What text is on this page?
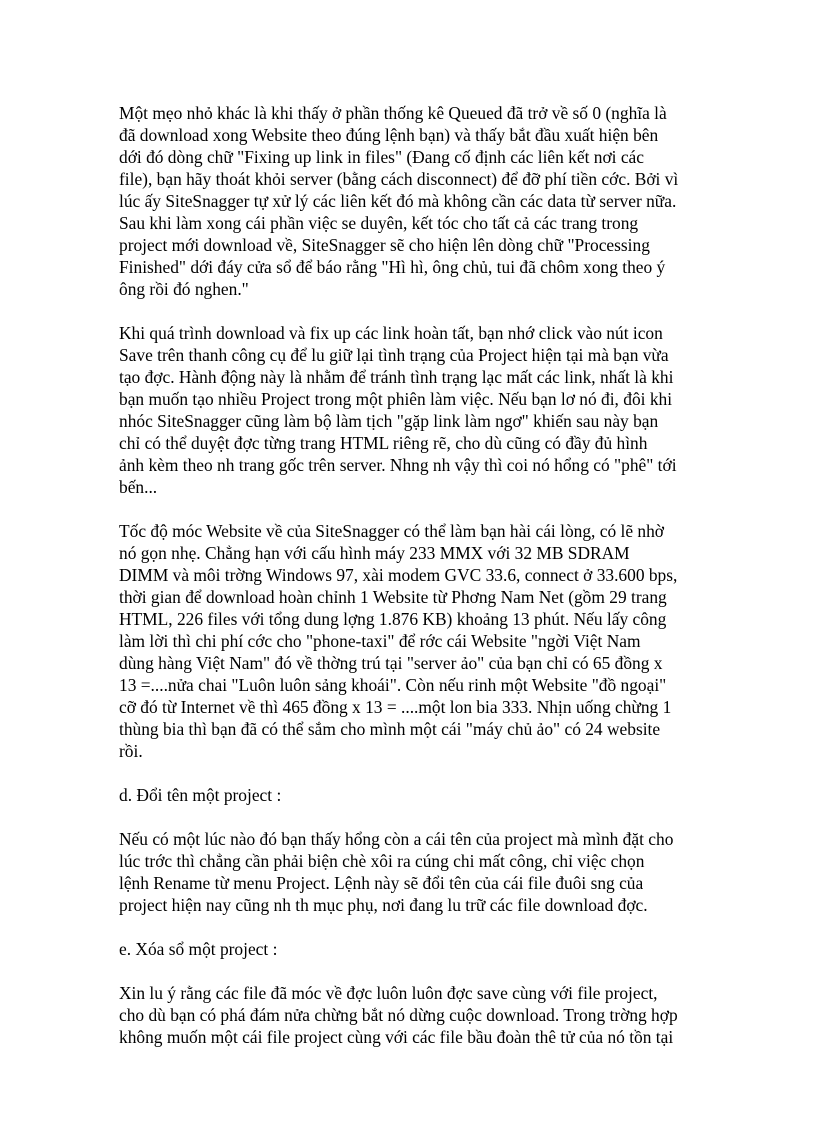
Một mẹo nhỏ khác là khi thấy ở phần thống kê Queued đã trở về số 0 (nghĩa là
đã download xong Website theo đúng lệnh bạn) và thấy bắt đầu xuất hiện bên
dới đó dòng chữ "Fixing up link in files" (Đang cố định các liên kết nơi các
file), bạn hãy thoát khỏi server (bằng cách disconnect) để đỡ phí tiền cớc. Bởi vì
lúc ấy SiteSnagger tự xử lý các liên kết đó mà không cần các data từ server nữa.
Sau khi làm xong cái phần việc se duyên, kết tóc cho tất cả các trang trong
project mới download về, SiteSnagger sẽ cho hiện lên dòng chữ "Processing
Finished" dới đáy cửa sổ để báo rằng "Hì hì, ông chủ, tui đã chôm xong theo ý
ông rồi đó nghen."

Khi quá trình download và fix up các link hoàn tất, bạn nhớ click vào nút icon
Save trên thanh công cụ để lu giữ lại tình trạng của Project hiện tại mà bạn vừa
tạo đợc. Hành động này là nhằm để tránh tình trạng lạc mất các link, nhất là khi
bạn muốn tạo nhiều Project trong một phiên làm việc. Nếu bạn lơ nó đi, đôi khi
nhóc SiteSnagger cũng làm bộ làm tịch "gặp link làm ngơ" khiến sau này bạn
chỉ có thể duyệt đợc từng trang HTML riêng rẽ, cho dù cũng có đầy đủ hình
ảnh kèm theo nh trang gốc trên server. Nhng nh vậy thì coi nó hổng có "phê" tới
bến...

Tốc độ móc Website về của SiteSnagger có thể làm bạn hài cái lòng, có lẽ nhờ
nó gọn nhẹ. Chẳng hạn với cấu hình máy 233 MMX với 32 MB SDRAM
DIMM và môi trờng Windows 97, xài modem GVC 33.6, connect ở 33.600 bps,
thời gian để download hoàn chỉnh 1 Website từ Phơng Nam Net (gồm 29 trang
HTML, 226 files với tổng dung lợng 1.876 KB) khoảng 13 phút. Nếu lấy công
làm lời thì chi phí cớc cho "phone-taxi" để rớc cái Website "ngời Việt Nam
dùng hàng Việt Nam" đó về thờng trú tại "server ảo" của bạn chỉ có 65 đồng x
13 =....nửa chai "Luôn luôn sảng khoái". Còn nếu rinh một Website "đồ ngoại"
cỡ đó từ Internet về thì 465 đồng x 13 = ....một lon bia 333. Nhịn uống chừng 1
thùng bia thì bạn đã có thể sắm cho mình một cái "máy chủ ảo" có 24 website
rồi.

d. Đổi tên một project :

Nếu có một lúc nào đó bạn thấy hổng còn a cái tên của project mà mình đặt cho
lúc trớc thì chẳng cần phải biện chè xôi ra cúng chi mất công, chỉ việc chọn
lệnh Rename từ menu Project. Lệnh này sẽ đổi tên của cái file đuôi sng của
project hiện nay cũng nh th mục phụ, nơi đang lu trữ các file download đợc.

e. Xóa sổ một project :

Xin lu ý rằng các file đã móc về đợc luôn luôn đợc save cùng với file project,
cho dù bạn có phá đám nửa chừng bắt nó dừng cuộc download. Trong trờng hợp
không muốn một cái file project cùng với các file bầu đoàn thê tử của nó tồn tại
